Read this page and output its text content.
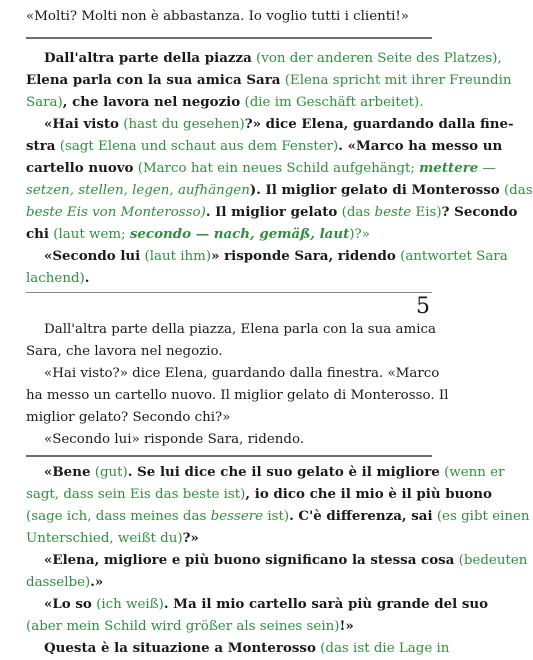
«Molti? Molti non è abbastanza. Io voglio tutti i clienti!»
Dall'altra parte della piazza (von der anderen Seite des Platzes),
Elena parla con la sua amica Sara (Elena spricht mit ihrer Freundin
Sara), che lavora nel negozio (die im Geschäft arbeitet).
«Hai visto (hast du gesehen)?» dice Elena, guardando dalla fine-
stra (sagt Elena und schaut aus dem Fenster). «Marco ha messo un
cartello nuovo (Marco hat ein neues Schild aufgehängt; mettere —
setzen, stellen, legen, aufhängen). Il miglior gelato di Monterosso (das
beste Eis von Monterosso). Il miglior gelato (das beste Eis)? Secondo
chi (laut wem; secondo — nach, gemäß, laut)?»
«Secondo lui (laut ihm)» risponde Sara, ridendo (antwortet Sara
lachend).
5
Dall'altra parte della piazza, Elena parla con la sua amica
Sara, che lavora nel negozio.
«Hai visto?» dice Elena, guardando dalla finestra. «Marco
ha messo un cartello nuovo. Il miglior gelato di Monterosso. Il
miglior gelato? Secondo chi?»
«Secondo lui» risponde Sara, ridendo.
«Bene (gut). Se lui dice che il suo gelato è il migliore (wenn er
sagt, dass sein Eis das beste ist), io dico che il mio è il più buono
(sage ich, dass meines das bessere ist). C'è differenza, sai (es gibt einen
Unterschied, weißt du)?»
«Elena, migliore e più buono significano la stessa cosa (bedeuten
dasselbe).»
«Lo so (ich weiß). Ma il mio cartello sarà più grande del suo
(aber mein Schild wird größer als seines sein)!»
Questa è la situazione a Monterosso (das ist die Lage in
